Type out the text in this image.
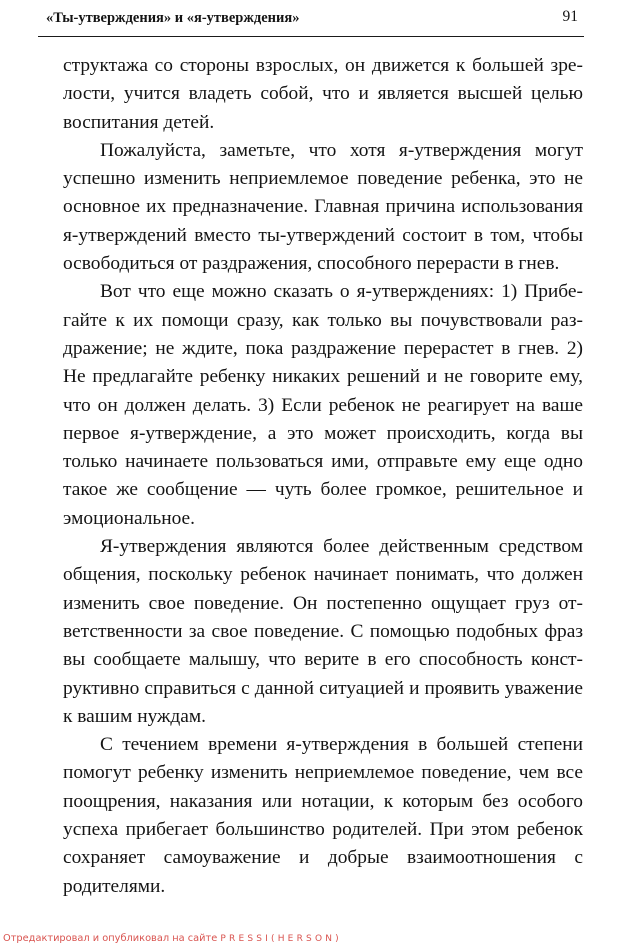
«Ты-утверждения» и «я-утверждения»	91

структажа со стороны взрослых, он движется к большей зрелости, учится владеть собой, что и является высшей целью воспитания детей.

Пожалуйста, заметьте, что хотя я-утверждения могут успешно изменить неприемлемое поведение ребенка, это не основное их предназначение. Главная причина использования я-утверждений вместо ты-утверждений состоит в том, чтобы освободиться от раздражения, способного перерасти в гнев.

Вот что еще можно сказать о я-утверждениях: 1) Прибегайте к их помощи сразу, как только вы почувствовали раздражение; не ждите, пока раздражение перерастет в гнев. 2) Не предлагайте ребенку никаких решений и не говорите ему, что он должен делать. 3) Если ребенок не реагирует на ваше первое я-утверждение, а это может происходить, когда вы только начинаете пользоваться ими, отправьте ему еще одно такое же сообщение — чуть более громкое, решительное и эмоциональное.

Я-утверждения являются более действенным средством общения, поскольку ребенок начинает понимать, что должен изменить свое поведение. Он постепенно ощущает груз ответственности за свое поведение. С помощью подобных фраз вы сообщаете малышу, что верите в его способность конструктивно справиться с данной ситуацией и проявить уважение к вашим нуждам.

С течением времени я-утверждения в большей степени помогут ребенку изменить неприемлемое поведение, чем все поощрения, наказания или нотации, к которым без особого успеха прибегает большинство родителей. При этом ребенок сохраняет самоуважение и добрые взаимоотношения с родителями.

Отредактировал и опубликовал на сайте PRESSI(HERSON)
